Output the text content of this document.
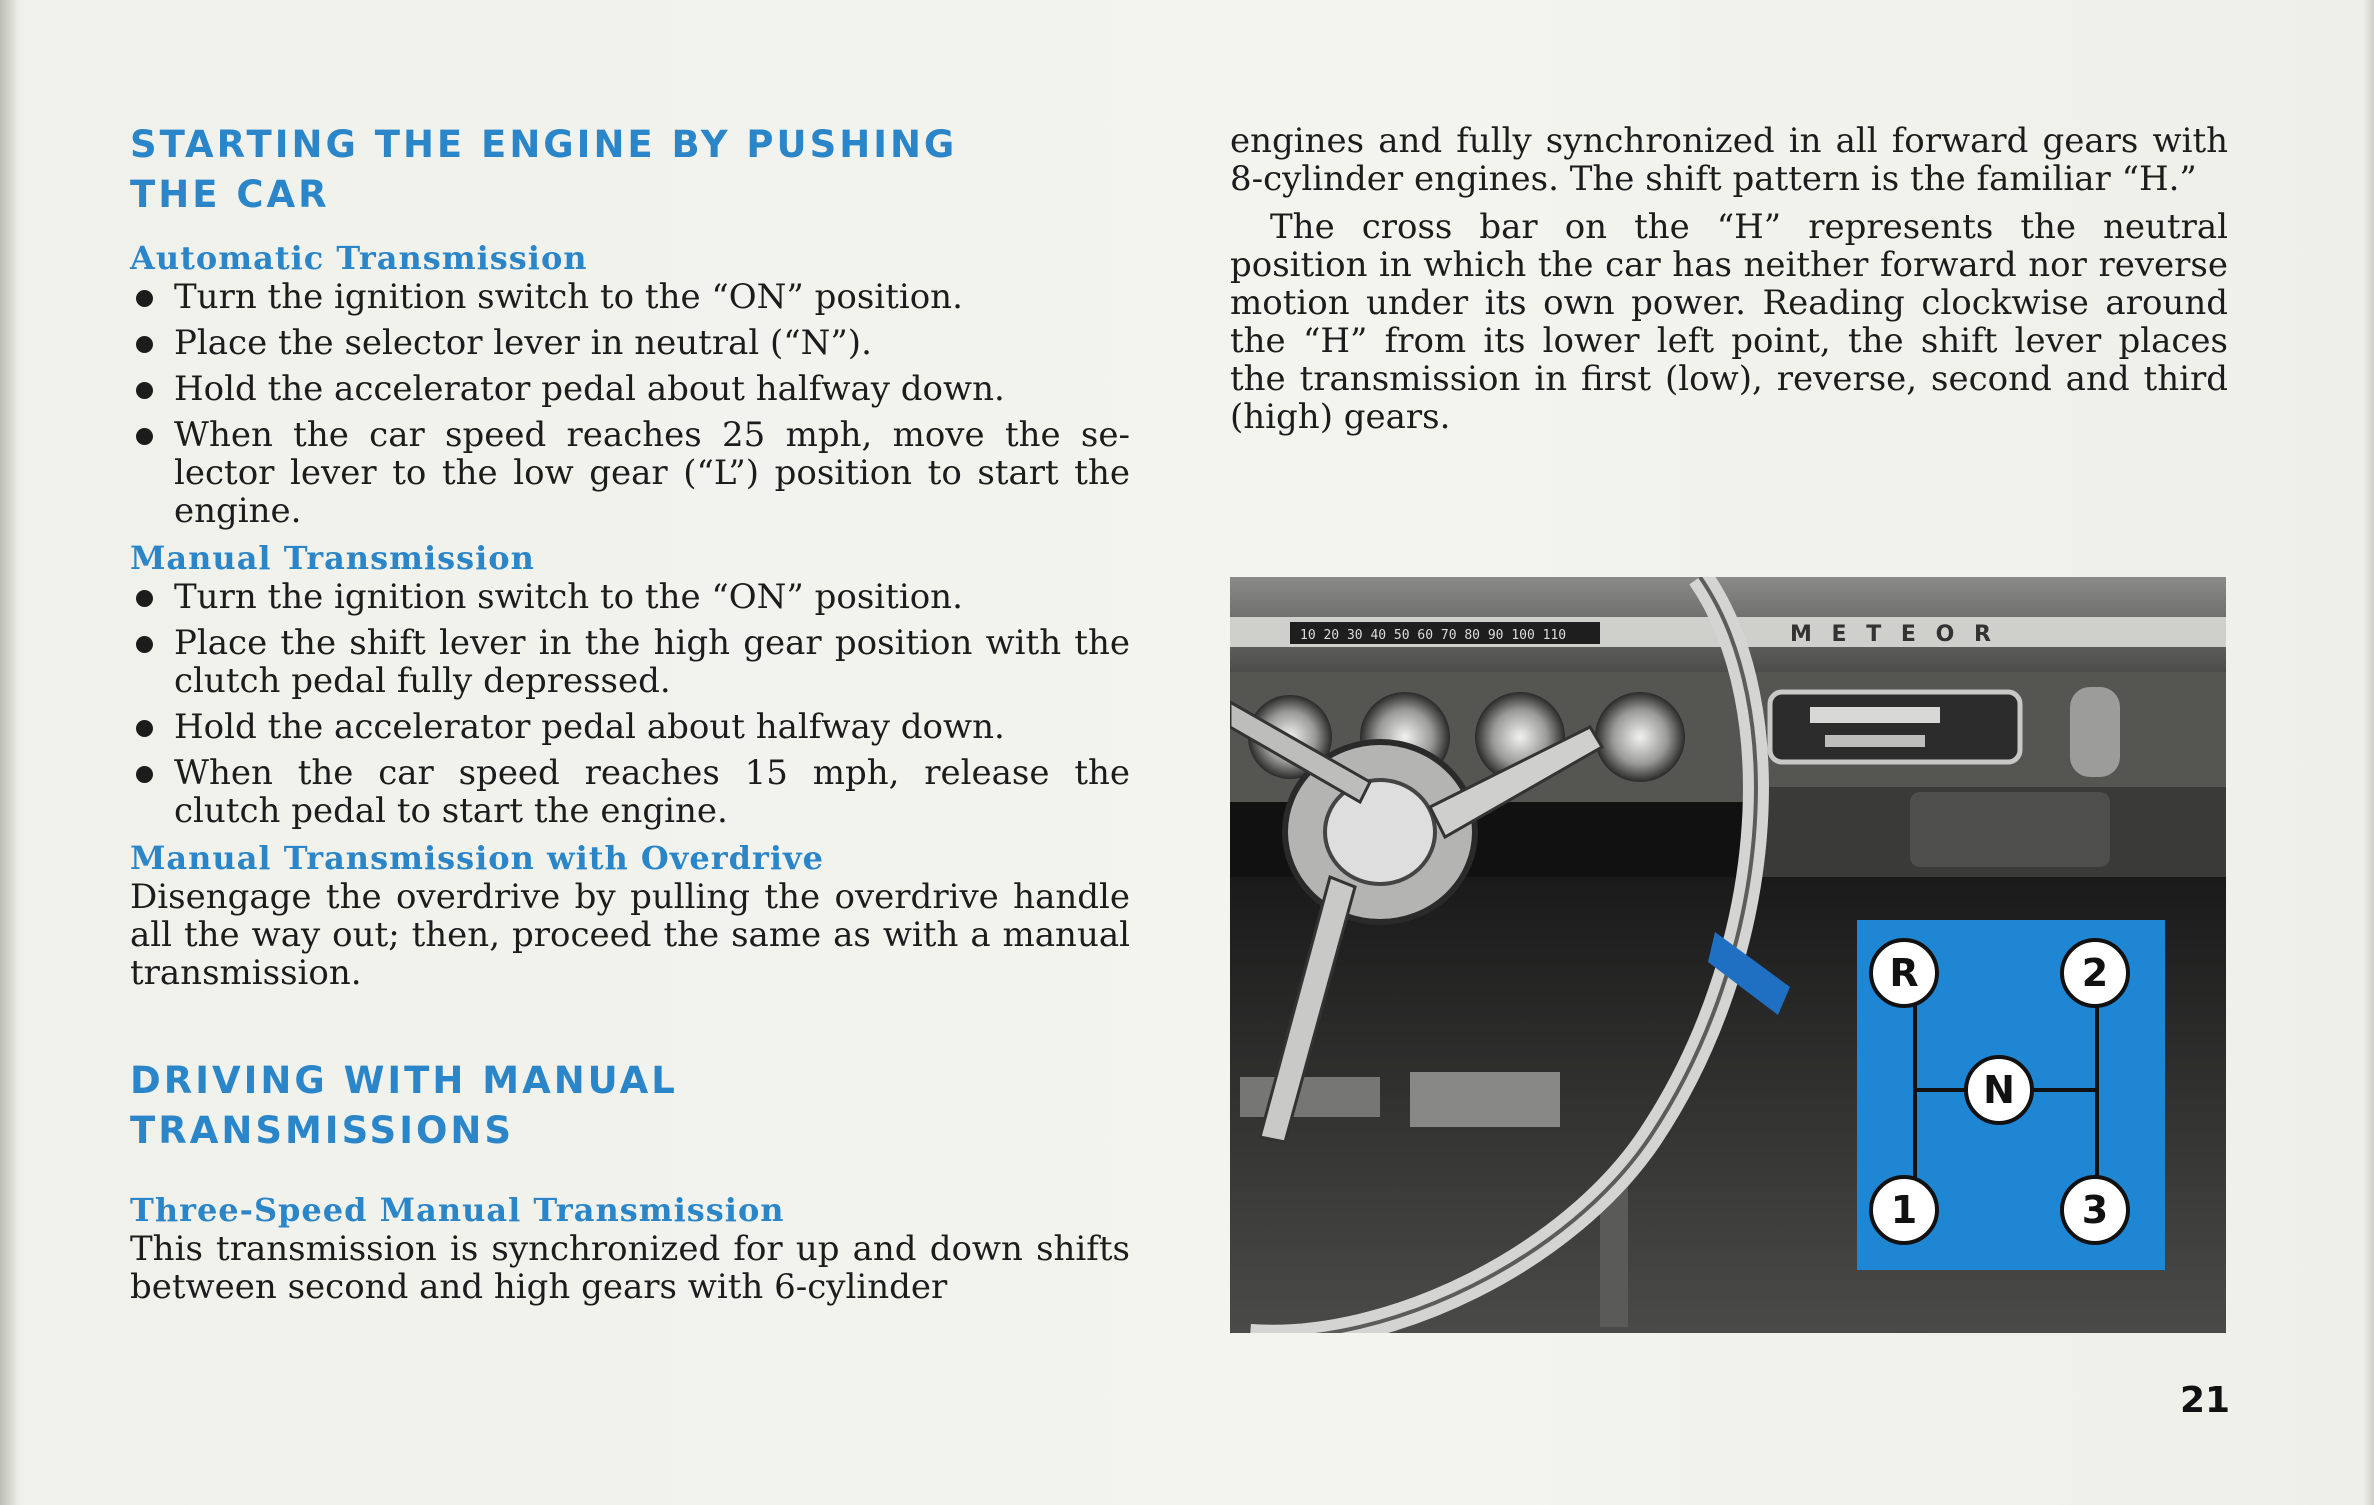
STARTING THE ENGINE BY PUSHING
THE CAR
Automatic Transmission
Turn the ignition switch to the “ON” position.
Place the selector lever in neutral (“N”).
Hold the accelerator pedal about halfway down.
When the car speed reaches 25 mph, move the selector lever to the low gear (“L”) position to start the engine.
Manual Transmission
Turn the ignition switch to the “ON” position.
Place the shift lever in the high gear position with the clutch pedal fully depressed.
Hold the accelerator pedal about halfway down.
When the car speed reaches 15 mph, release the clutch pedal to start the engine.
Manual Transmission with Overdrive

Disengage the overdrive by pulling the overdrive handle all the way out; then, proceed the same as with a manual transmission.

DRIVING WITH MANUAL
TRANSMISSIONS
Three-Speed Manual Transmission

This transmission is synchronized for up and down shifts between second and high gears with 6-cylinder

engines and fully synchronized in all forward gears with 8-cylinder engines. The shift pattern is the familiar “H.”

The cross bar on the “H” represents the neutral position in which the car has neither forward nor reverse motion under its own power. Reading clockwise around the “H” from its lower left point, the shift lever places the transmission in first (low), reverse, second and third (high) gears.

10 20 30 40 50 60 70 80 90 100 110	M E T E O R
R	2
N
1	3
21
